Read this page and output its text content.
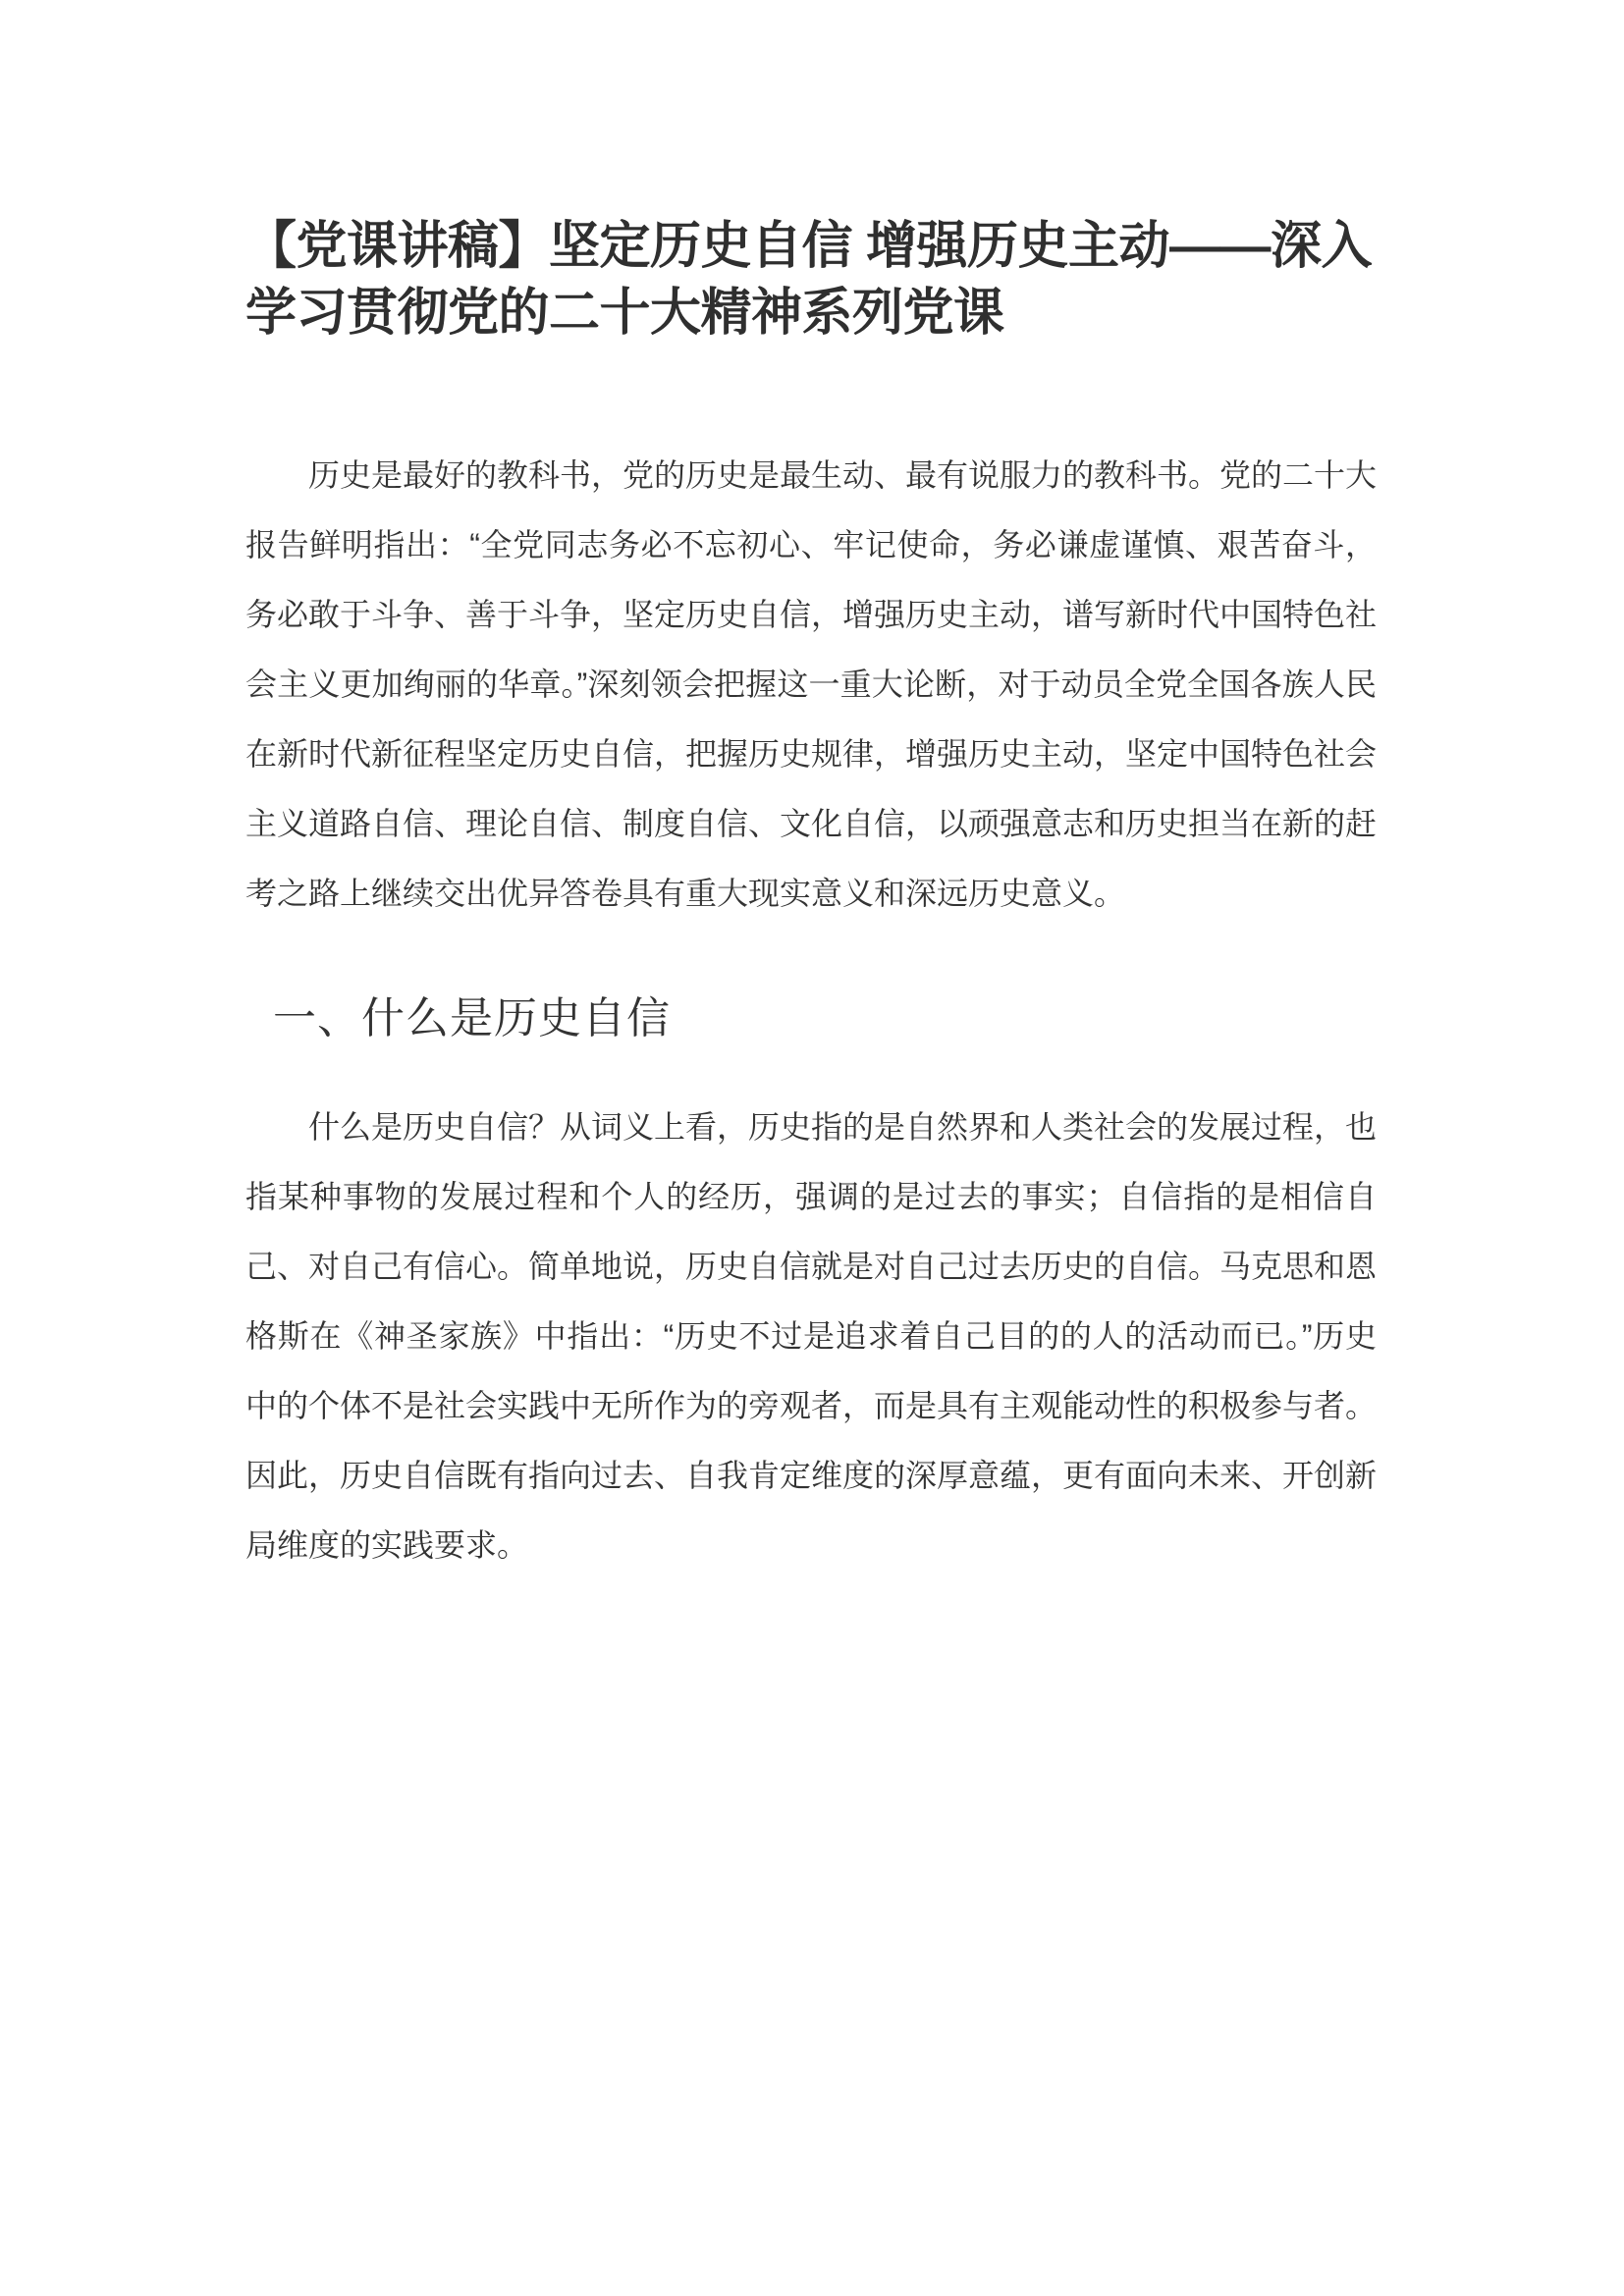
【党课讲稿】坚定历史自信 增强历史主动——深入学习贯彻党的二十大精神系列党课

历史是最好的教科书，党的历史是最生动、最有说服力的教科书。党的二十大报告鲜明指出：“全党同志务必不忘初心、牢记使命，务必谦虚谨慎、艰苦奋斗，务必敢于斗争、善于斗争，坚定历史自信，增强历史主动，谱写新时代中国特色社会主义更加绚丽的华章。”深刻领会把握这一重大论断，对于动员全党全国各族人民在新时代新征程坚定历史自信，把握历史规律，增强历史主动，坚定中国特色社会主义道路自信、理论自信、制度自信、文化自信，以顽强意志和历史担当在新的赶考之路上继续交出优异答卷具有重大现实意义和深远历史意义。

一、什么是历史自信

什么是历史自信？从词义上看，历史指的是自然界和人类社会的发展过程，也指某种事物的发展过程和个人的经历，强调的是过去的事实；自信指的是相信自己、对自己有信心。简单地说，历史自信就是对自己过去历史的自信。马克思和恩格斯在《神圣家族》中指出：“历史不过是追求着自己目的的人的活动而已。”历史中的个体不是社会实践中无所作为的旁观者，而是具有主观能动性的积极参与者。因此，历史自信既有指向过去、自我肯定维度的深厚意蕴，更有面向未来、开创新局维度的实践要求。
